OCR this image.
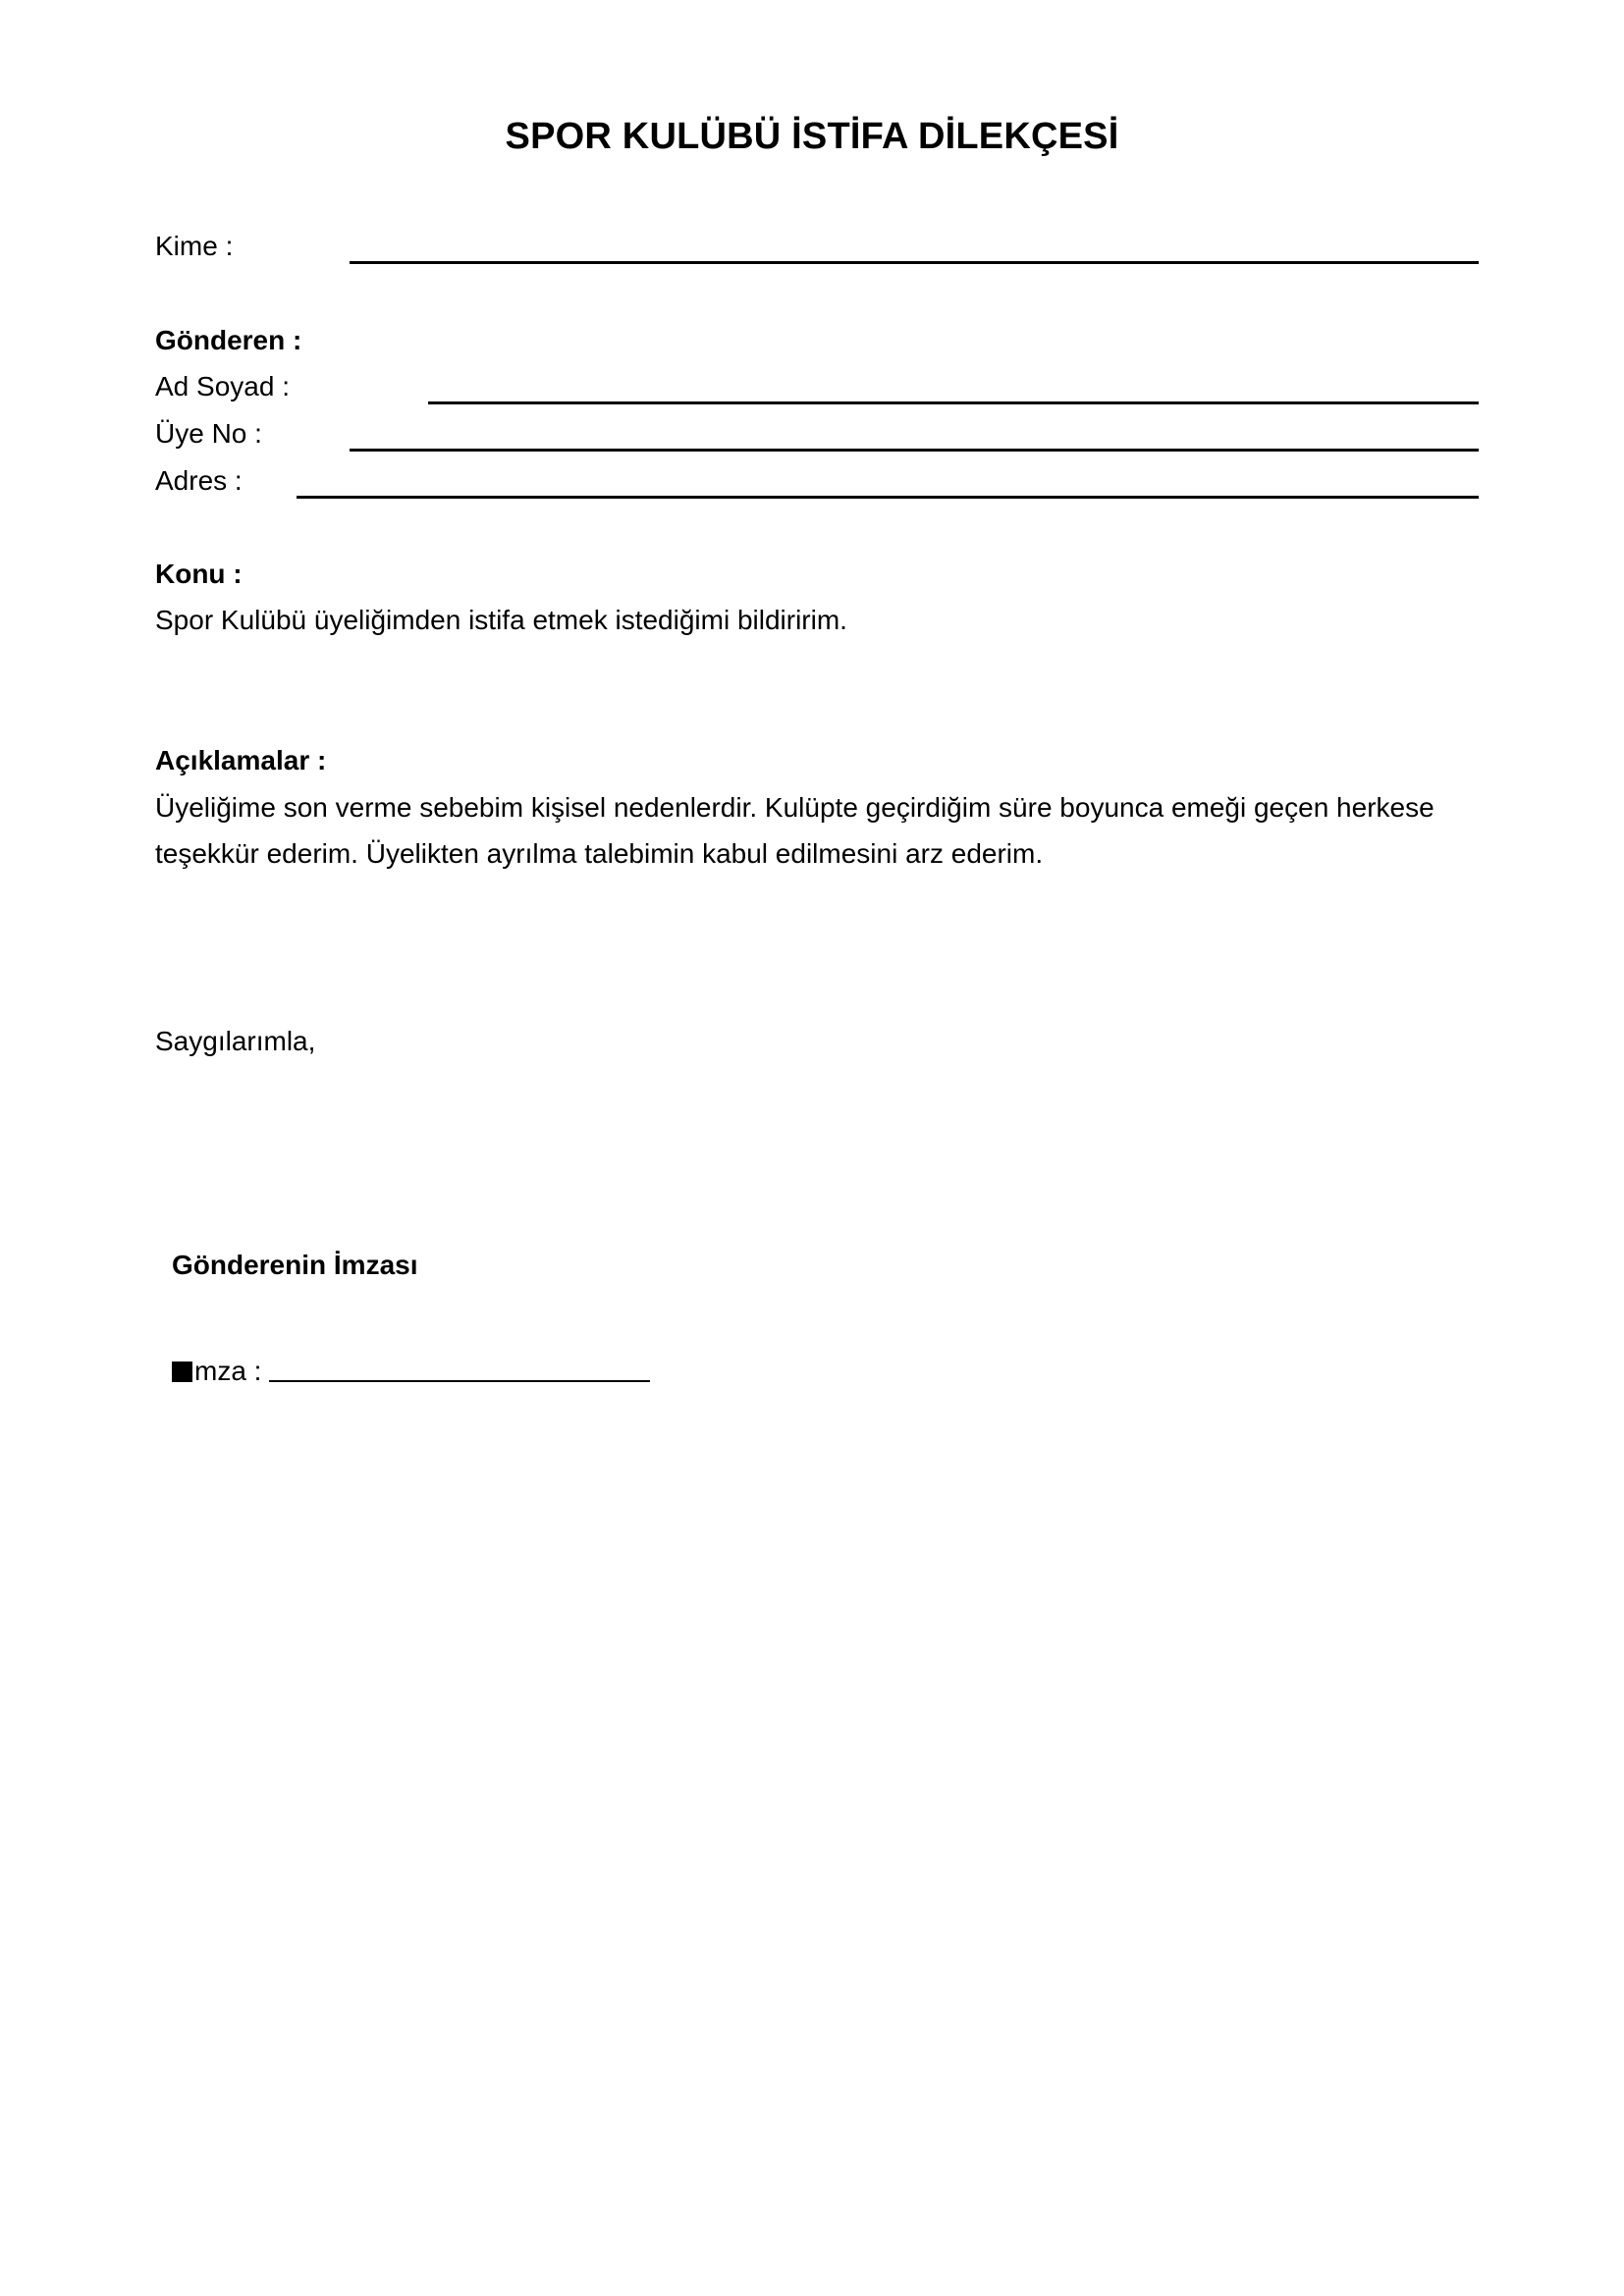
SPOR KULÜBÜ İSTİFA DİLEKÇESİ
Kime :
Gönderen :
Ad Soyad :
Üye No :
Adres :
Konu :
Spor Kulübü üyeliğimden istifa etmek istediğimi bildiririm.
Açıklamalar :
Üyeliğime son verme sebebim kişisel nedenlerdir. Kulüpte geçirdiğim süre boyunca emeği geçen herkese teşekkür ederim. Üyelikten ayrılma talebimin kabul edilmesini arz ederim.
Saygılarımla,
Gönderenin İmzası
mza :
